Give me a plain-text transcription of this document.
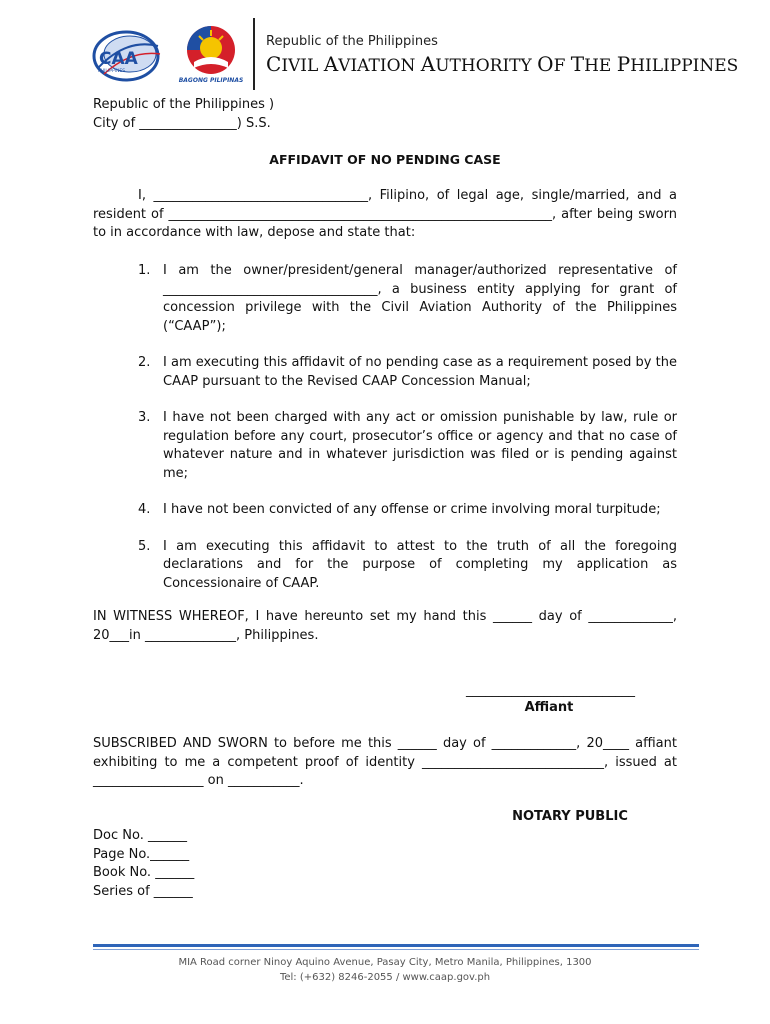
CAA
PHILIPPINES
BAGONG PILIPINAS
Republic of the Philippines
CIVIL AVIATION AUTHORITY OF THE PHILIPPINES
Republic of the Philippines )
City of _______________) S.S.
AFFIDAVIT OF NO PENDING CASE
I, _________________________________, Filipino, of legal age, single/married, and a resident of ___________________________________________________________, after being sworn to in accordance with law, depose and state that:
1. I am the owner/president/general manager/authorized representative of _________________________________, a business entity applying for grant of concession privilege with the Civil Aviation Authority of the Philippines (“CAAP”);
2. I am executing this affidavit of no pending case as a requirement posed by the CAAP pursuant to the Revised CAAP Concession Manual;
3. I have not been charged with any act or omission punishable by law, rule or regulation before any court, prosecutor’s office or agency and that no case of whatever nature and in whatever jurisdiction was filed or is pending against me;
4. I have not been convicted of any offense or crime involving moral turpitude;
5. I am executing this affidavit to attest to the truth of all the foregoing declarations and for the purpose of completing my application as Concessionaire of CAAP.
IN WITNESS WHEREOF, I have hereunto set my hand this ______ day of _____________, 20___in ______________, Philippines.
__________________________
Affiant
SUBSCRIBED AND SWORN to before me this ______ day of _____________, 20____ affiant exhibiting to me a competent proof of identity ____________________________, issued at _________________ on ___________.
NOTARY PUBLIC
Doc No. ______
Page No.______
Book No. ______
Series of ______
MIA Road corner Ninoy Aquino Avenue, Pasay City, Metro Manila, Philippines, 1300
Tel: (+632) 8246-2055 / www.caap.gov.ph
